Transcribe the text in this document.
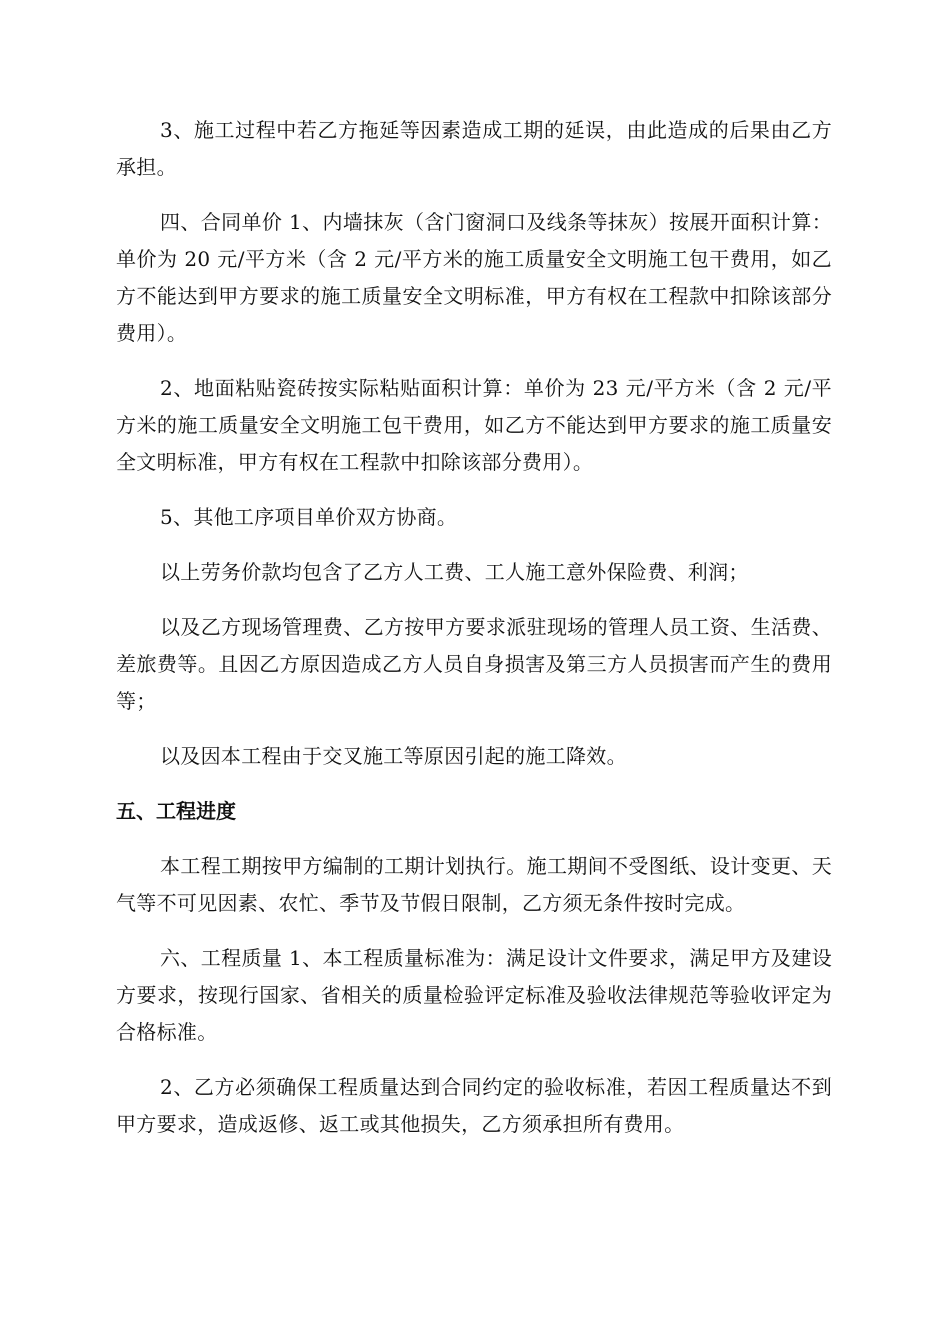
3、施工过程中若乙方拖延等因素造成工期的延误，由此造成的后果由乙方承担。

四、合同单价 1、内墙抹灰（含门窗洞口及线条等抹灰）按展开面积计算：单价为 20 元/平方米（含 2 元/平方米的施工质量安全文明施工包干费用，如乙方不能达到甲方要求的施工质量安全文明标准，甲方有权在工程款中扣除该部分费用）。

2、地面粘贴瓷砖按实际粘贴面积计算：单价为 23 元/平方米（含 2 元/平方米的施工质量安全文明施工包干费用，如乙方不能达到甲方要求的施工质量安全文明标准，甲方有权在工程款中扣除该部分费用）。

5、其他工序项目单价双方协商。

以上劳务价款均包含了乙方人工费、工人施工意外保险费、利润；

以及乙方现场管理费、乙方按甲方要求派驻现场的管理人员工资、生活费、差旅费等。且因乙方原因造成乙方人员自身损害及第三方人员损害而产生的费用等；

以及因本工程由于交叉施工等原因引起的施工降效。

五、工程进度

本工程工期按甲方编制的工期计划执行。施工期间不受图纸、设计变更、天气等不可见因素、农忙、季节及节假日限制，乙方须无条件按时完成。

六、工程质量 1、本工程质量标准为：满足设计文件要求，满足甲方及建设方要求，按现行国家、省相关的质量检验评定标准及验收法律规范等验收评定为合格标准。

2、乙方必须确保工程质量达到合同约定的验收标准，若因工程质量达不到甲方要求，造成返修、返工或其他损失，乙方须承担所有费用。
